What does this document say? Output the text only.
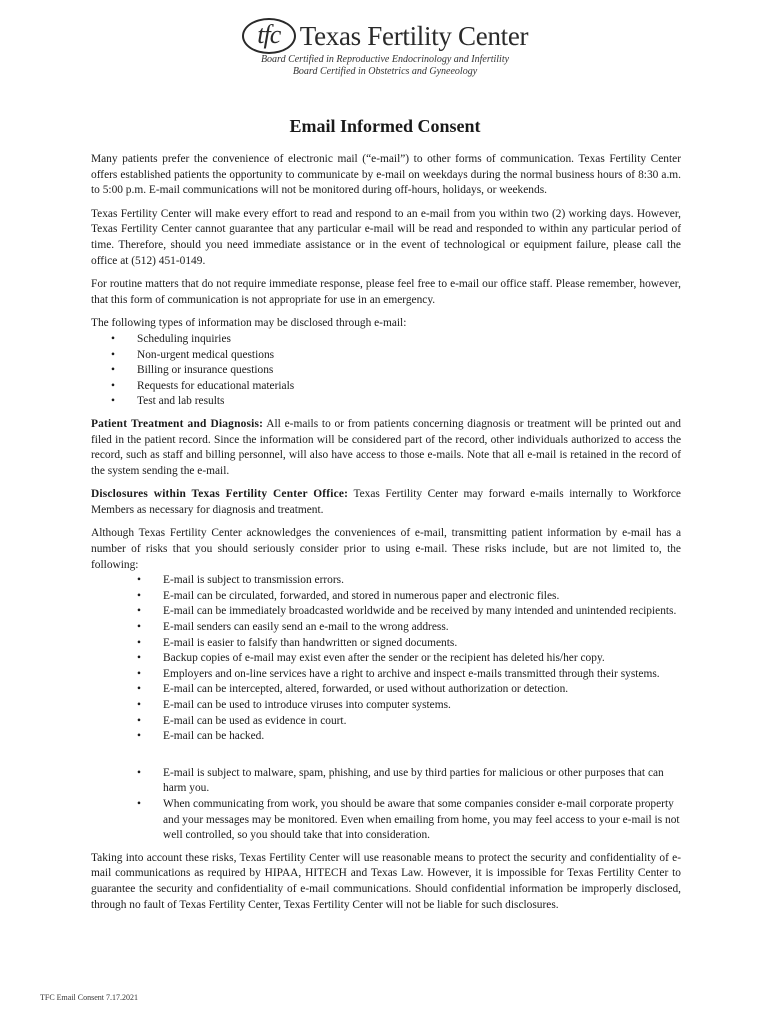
tfc Texas Fertility Center
Board Certified in Reproductive Endocrinology and Infertility
Board Certified in Obstetrics and Gyneeology
Email Informed Consent

Many patients prefer the convenience of electronic mail (“e-mail”) to other forms of communication. Texas Fertility Center offers established patients the opportunity to communicate by e-mail on weekdays during the normal business hours of 8:30 a.m. to 5:00 p.m. E-mail communications will not be monitored during off-hours, holidays, or weekends.

Texas Fertility Center will make every effort to read and respond to an e-mail from you within two (2) working days. However, Texas Fertility Center cannot guarantee that any particular e-mail will be read and responded to within any particular period of time. Therefore, should you need immediate assistance or in the event of technological or equipment failure, please call the office at (512) 451-0149.

For routine matters that do not require immediate response, please feel free to e-mail our office staff. Please remember, however, that this form of communication is not appropriate for use in an emergency.

The following types of information may be disclosed through e-mail:

• Scheduling inquiries
• Non-urgent medical questions
• Billing or insurance questions
• Requests for educational materials
• Test and lab results

Patient Treatment and Diagnosis: All e-mails to or from patients concerning diagnosis or treatment will be printed out and filed in the patient record. Since the information will be considered part of the record, other individuals authorized to access the record, such as staff and billing personnel, will also have access to those e-mails. Note that all e-mail is retained in the record of the system sending the e-mail.

Disclosures within Texas Fertility Center Office: Texas Fertility Center may forward e-mails internally to Workforce Members as necessary for diagnosis and treatment.

Although Texas Fertility Center acknowledges the conveniences of e-mail, transmitting patient information by e-mail has a number of risks that you should seriously consider prior to using e-mail. These risks include, but are not limited to, the following:

• E-mail is subject to transmission errors.
• E-mail can be circulated, forwarded, and stored in numerous paper and electronic files.
• E-mail can be immediately broadcasted worldwide and be received by many intended and unintended recipients.
• E-mail senders can easily send an e-mail to the wrong address.
• E-mail is easier to falsify than handwritten or signed documents.
• Backup copies of e-mail may exist even after the sender or the recipient has deleted his/her copy.
• Employers and on-line services have a right to archive and inspect e-mails transmitted through their systems.
• E-mail can be intercepted, altered, forwarded, or used without authorization or detection.
• E-mail can be used to introduce viruses into computer systems.
• E-mail can be used as evidence in court.
• E-mail can be hacked.
• E-mail is subject to malware, spam, phishing, and use by third parties for malicious or other purposes that can harm you.
• When communicating from work, you should be aware that some companies consider e-mail corporate property and your messages may be monitored. Even when emailing from home, you may feel access to your e-mail is not well controlled, so you should take that into consideration.

Taking into account these risks, Texas Fertility Center will use reasonable means to protect the security and confidentiality of e-mail communications as required by HIPAA, HITECH and Texas Law. However, it is impossible for Texas Fertility Center to guarantee the security and confidentiality of e-mail communications. Should confidential information be improperly disclosed, through no fault of Texas Fertility Center, Texas Fertility Center will not be liable for such disclosures.

TFC Email Consent 7.17.2021
